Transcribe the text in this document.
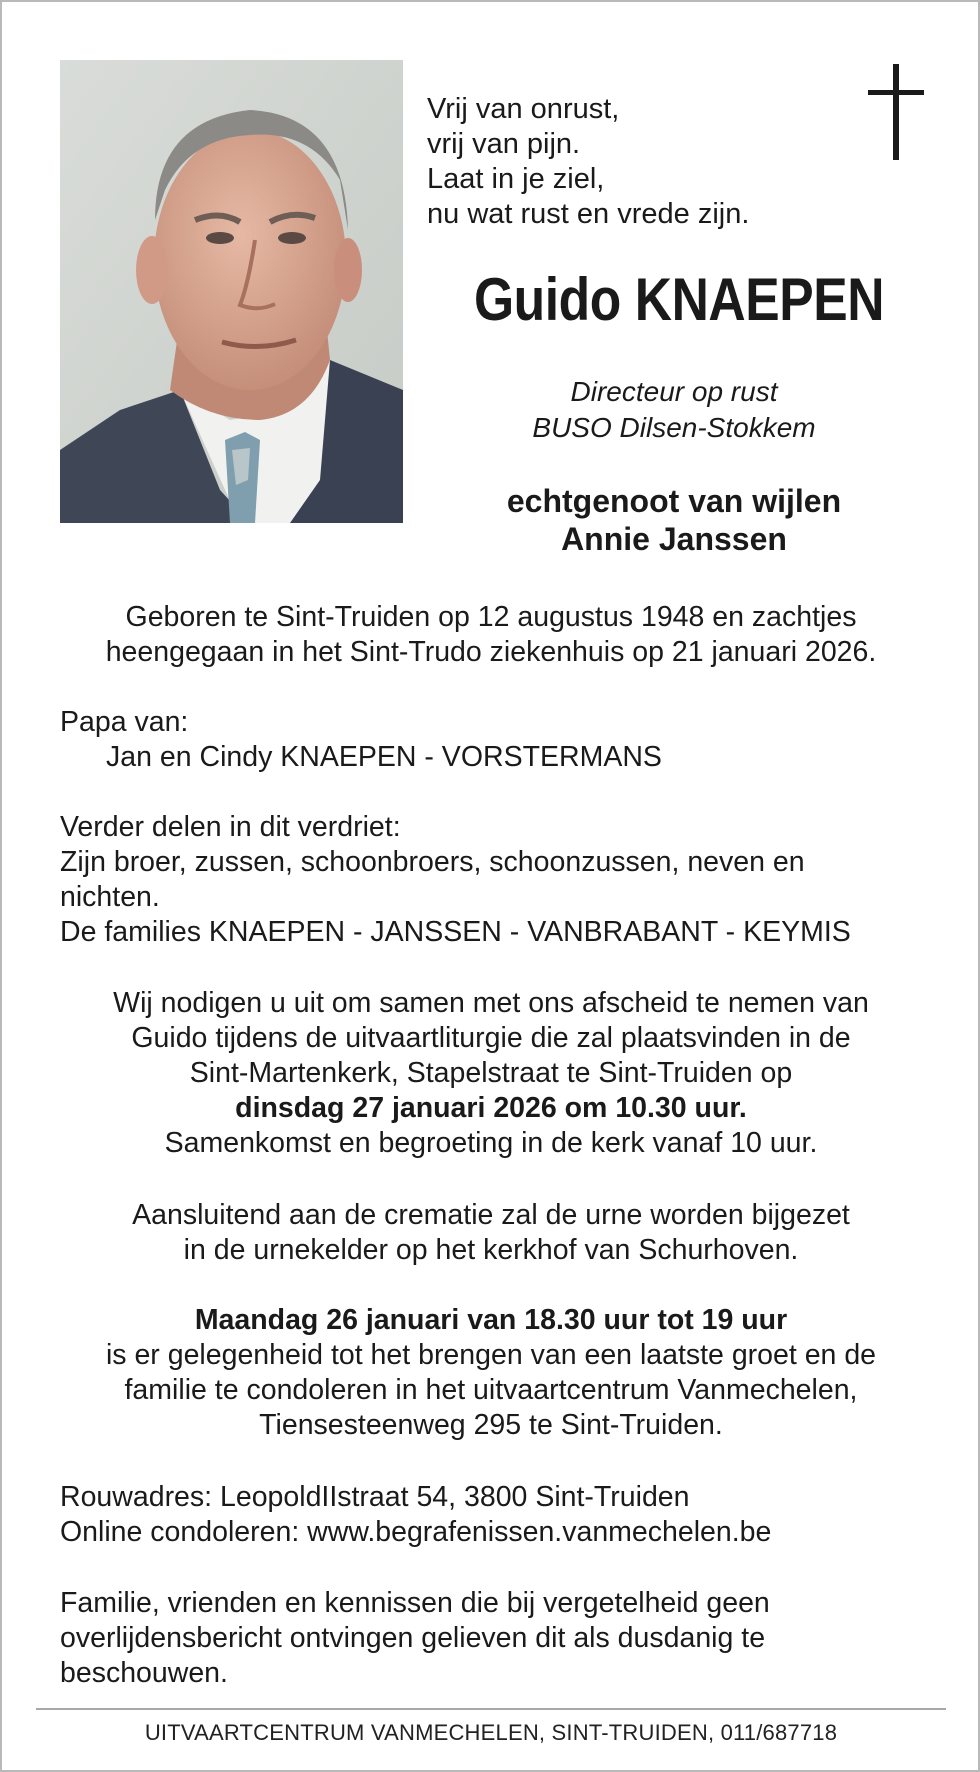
Vrij van onrust,
vrij van pijn.
Laat in je ziel,
nu wat rust en vrede zijn.
Guido KNAEPEN
Directeur op rust
BUSO Dilsen-Stokkem
echtgenoot van wijlen
Annie Janssen
Geboren te Sint-Truiden op 12 augustus 1948 en zachtjes
heengegaan in het Sint-Trudo ziekenhuis op 21 januari 2026.
Papa van:
Jan en Cindy KNAEPEN - VORSTERMANS
Verder delen in dit verdriet:
Zijn broer, zussen, schoonbroers, schoonzussen, neven en
nichten.
De families KNAEPEN - JANSSEN - VANBRABANT - KEYMIS
Wij nodigen u uit om samen met ons afscheid te nemen van
Guido tijdens de uitvaartliturgie die zal plaatsvinden in de
Sint-Martenkerk, Stapelstraat te Sint-Truiden op
dinsdag 27 januari 2026 om 10.30 uur.
Samenkomst en begroeting in de kerk vanaf 10 uur.
Aansluitend aan de crematie zal de urne worden bijgezet
in de urnekelder op het kerkhof van Schurhoven.
Maandag 26 januari van 18.30 uur tot 19 uur
is er gelegenheid tot het brengen van een laatste groet en de
familie te condoleren in het uitvaartcentrum Vanmechelen,
Tiensesteenweg 295 te Sint-Truiden.
Rouwadres: LeopoldIIstraat 54, 3800 Sint-Truiden
Online condoleren: www.begrafenissen.vanmechelen.be
Familie, vrienden en kennissen die bij vergetelheid geen
overlijdensbericht ontvingen gelieven dit als dusdanig te
beschouwen.
UITVAARTCENTRUM VANMECHELEN, SINT-TRUIDEN, 011/687718
